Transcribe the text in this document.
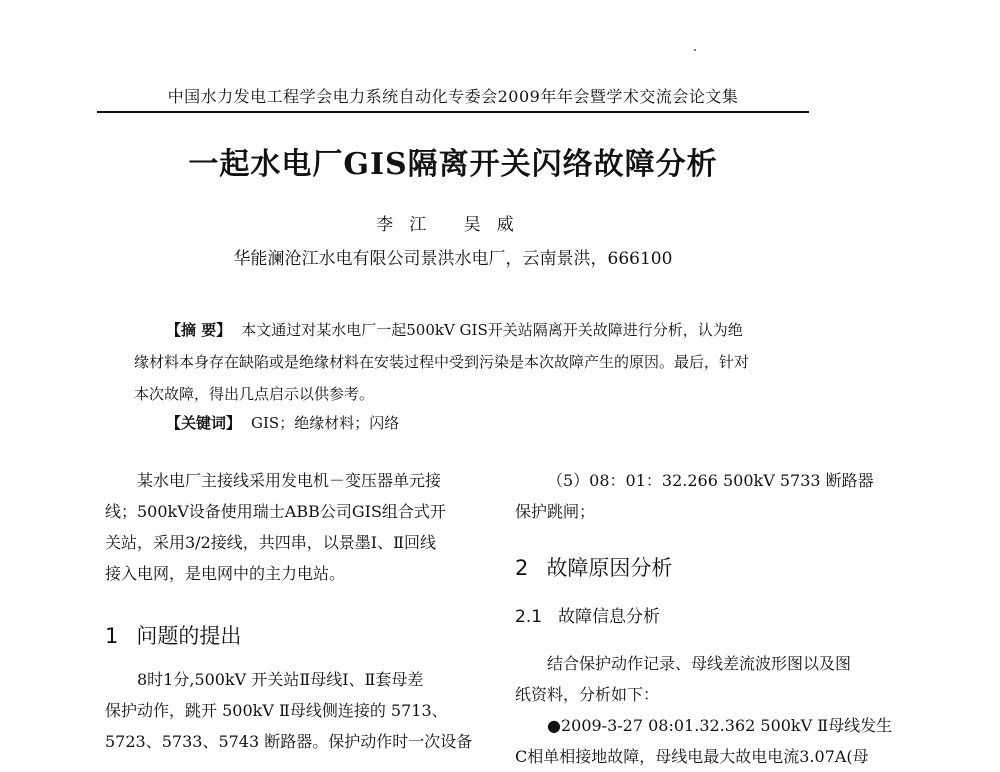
中国水力发电工程学会电力系统自动化专委会2009年年会暨学术交流会论文集
一起水电厂GIS隔离开关闪络故障分析
李江 吴威
华能澜沧江水电有限公司景洪水电厂，云南景洪，666100
【摘 要】 本文通过对某水电厂一起500kV GIS开关站隔离开关故障进行分析，认为绝
缘材料本身存在缺陷或是绝缘材料在安装过程中受到污染是本次故障产生的原因。最后，针对
本次故障，得出几点启示以供参考。
【关键词】 GIS；绝缘材料；闪络
某水电厂主接线采用发电机－变压器单元接
线；500kV设备使用瑞士ABB公司GIS组合式开
关站，采用3/2接线，共四串，以景墨Ⅰ、Ⅱ回线
接入电网，是电网中的主力电站。
1 问题的提出
8时1分,500kV 开关站Ⅱ母线Ⅰ、Ⅱ套母差
保护动作，跳开 500kV Ⅱ母线侧连接的 5713、
5723、5733、5743 断路器。保护动作时一次设备
（5）08：01：32.266 500kV 5733 断路器
保护跳闸；
2 故障原因分析
2.1 故障信息分析
结合保护动作记录、母线差流波形图以及图
纸资料，分析如下：
●2009-3-27 08:01.32.362 500kV Ⅱ母线发生
C相单相接地故障，母线电最大故电电流3.07A(母
